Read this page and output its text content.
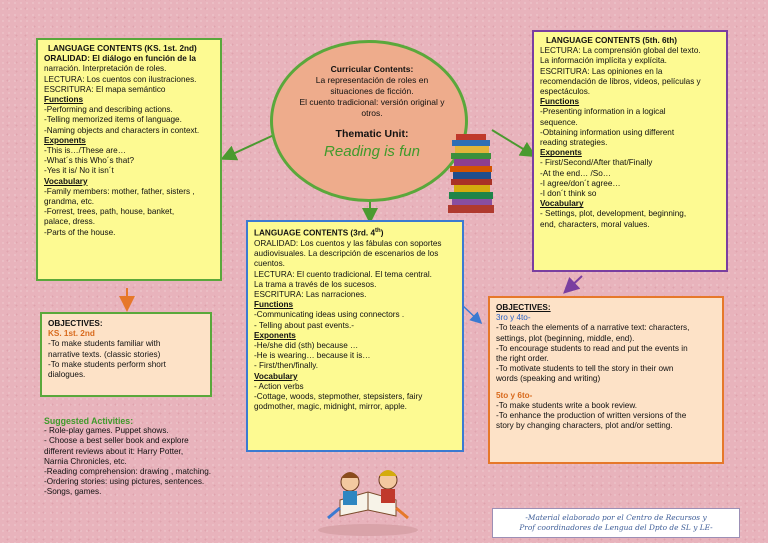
Curricular Contents:
La representación de roles en
situaciones de ficción.
El cuento tradicional: versión original y
otros.
Thematic Unit:
Reading is fun
LANGUAGE CONTENTS (KS. 1st. 2nd)
ORALIDAD: El diálogo en función de la
narración. Interpretación de roles.
LECTURA: Los cuentos con ilustraciones.
ESCRITURA: El mapa semántico
Functions
-Performing and describing actions.
-Telling memorized items of language.
-Naming objects and characters in context.
Exponents
-This is…/These are…
-What´s this Who´s that?
-Yes it is/ No it isn´t
Vocabulary
-Family members: mother, father, sisters ,
grandma, etc.
-Forrest, trees, path, house, banket,
palace, dress.
-Parts of the house.
LANGUAGE CONTENTS (5th. 6th)
LECTURA: La comprensión global del texto.
La información implícita y explícita.
ESCRITURA: Las opiniones en la
recomendación de libros, videos, películas y
espectáculos.
Functions
-Presenting information in a logical
sequence.
-Obtaining information using different
reading strategies.
Exponents
- First/Second/After that/Finally
-At the end… /So…
-I agree/don´t agree…
-I don´t think so
Vocabulary
- Settings, plot, development, beginning,
end, characters, moral values.
LANGUAGE CONTENTS (3rd. 4th)
ORALIDAD: Los cuentos y las fábulas con soportes
audiovisuales. La descripción de escenarios de los
cuentos.
LECTURA: El cuento tradicional. El tema central.
La trama a través de los sucesos.
ESCRITURA: Las narraciones.
Functions
-Communicating ideas using connectors .
- Telling about past events.-
Exponents
-He/she did (sth) because …
-He is wearing… because it is…
- First/then/finally.
Vocabulary
- Action verbs
-Cottage, woods, stepmother, stepsisters, fairy
godmother, magic, midnight, mirror, apple.
OBJECTIVES:
KS. 1st. 2nd
-To make students familiar with
narrative texts. (classic stories)
-To make students perform short
dialogues.
OBJECTIVES:
3ro y 4to-
-To teach the elements of a narrative text: characters,
settings, plot (beginning, middle, end).
-To encourage students to read and put the events in
the right order.
-To motivate students to tell the story in their own
words (speaking and writing)
5to y 6to-
-To make students write a book review.
-To enhance the production of written versions of the
story by changing characters, plot and/or setting.
Suggested Activities:
- Role-play games. Puppet shows.
- Choose a best seller book and explore
different reviews about it: Harry Potter,
Narnia Chronicles, etc.
-Reading comprehension: drawing , matching.
-Ordering stories: using pictures, sentences.
-Songs, games.
-Material elaborado por el Centro de Recursos y
Prof coordinadores de Lengua del Dpto de SL y LE-
